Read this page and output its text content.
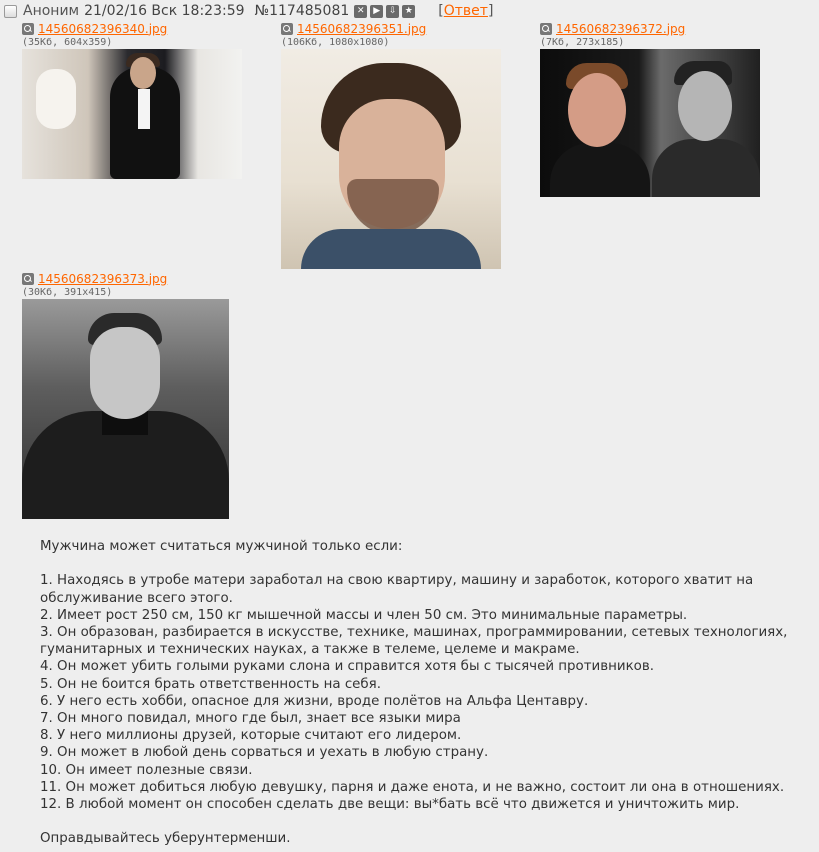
Аноним 21/02/16 Вск 18:23:59 №117485081 ✕ ▶ ⇩ ★ [Ответ]
14560682396340.jpg
(35Кб, 604x359)
14560682396351.jpg
(106Кб, 1080x1080)
14560682396372.jpg
(7Кб, 273x185)
14560682396373.jpg
(30Кб, 391x415)
Мужчина может считаться мужчиной только если:
1. Находясь в утробе матери заработал на свою квартиру, машину и заработок, которого хватит на
обслуживание всего этого.
2. Имеет рост 250 см, 150 кг мышечной массы и член 50 см. Это минимальные параметры.
3. Он образован, разбирается в искусстве, технике, машинах, программировании, сетевых технологиях,
гуманитарных и технических науках, а также в телеме, целеме и макраме.
4. Он может убить голыми руками слона и справится хотя бы с тысячей противников.
5. Он не боится брать ответственность на себя.
6. У него есть хобби, опасное для жизни, вроде полётов на Альфа Центавру.
7. Он много повидал, много где был, знает все языки мира
8. У него миллионы друзей, которые считают его лидером.
9. Он может в любой день сорваться и уехать в любую страну.
10. Он имеет полезные связи.
11. Он может добиться любую девушку, парня и даже енота, и не важно, состоит ли она в отношениях.
12. В любой момент он способен сделать две вещи: вы*бать всё что движется и уничтожить мир.
Оправдывайтесь уберунтерменши.
